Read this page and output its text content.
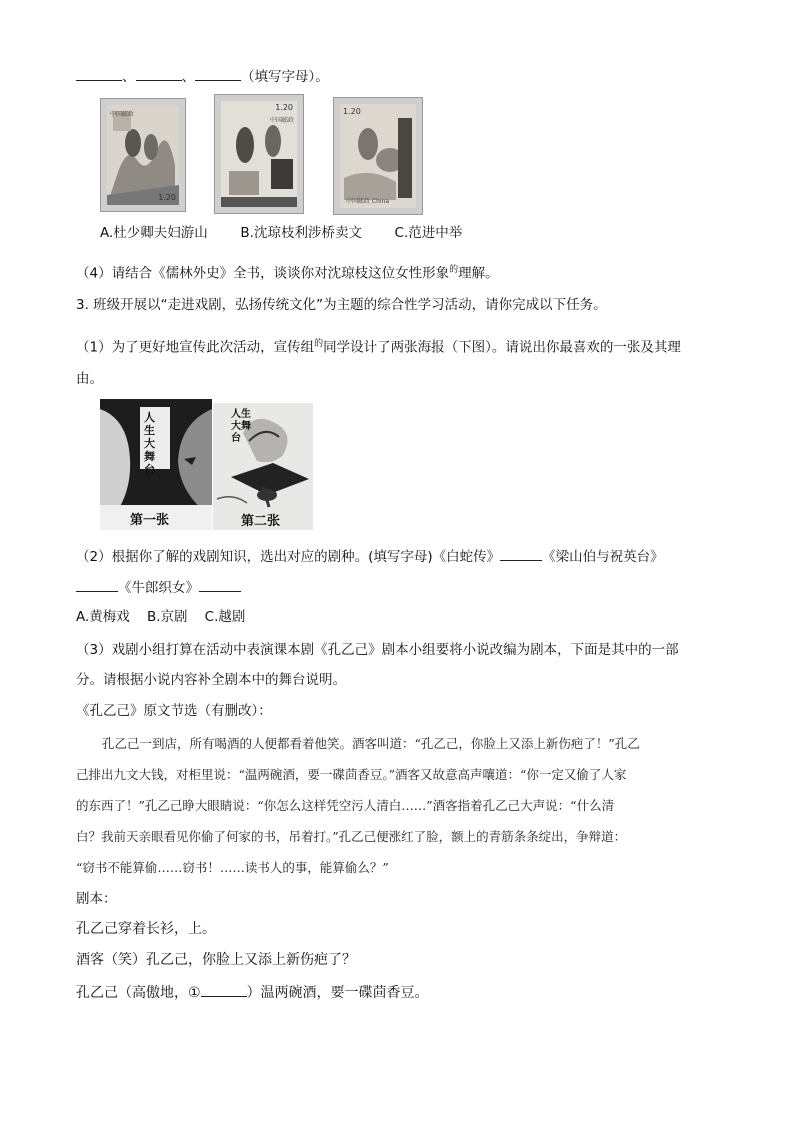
、	、	（填写字母）。
中国邮政
1.20
1.20
中国邮政
中国邮政 China
1.20
A.杜少卿夫妇游山 B.沈琼枝利涉桥卖文 C.范进中举
（4）请结合《儒林外史》全书，谈谈你对沈琼枝这位女性形象$^的$理解。
3. 班级开展以“走进戏剧，弘扬传统文化”为主题的综合性学习活动，请你完成以下任务。
（1）为了更好地宣传此次活动，宣传组$^的$同学设计了两张海报（下图）。请说出你最喜欢的一张及其理
由。
人生大舞台
第一张
人生大舞台
第二张
（2）根据你了解的戏剧知识，选出对应的剧种。(填写字母)《白蛇传》	《梁山伯与祝英台》
《牛郎织女》
A.黄梅戏    B.京剧    C.越剧
（3）戏剧小组打算在活动中表演课本剧《孔乙己》剧本小组要将小说改编为剧本，下面是其中的一部
分。请根据小说内容补全剧本中的舞台说明。
《孔乙己》原文节选（有删改）：
孔乙己一到店，所有喝酒的人便都看着他笑。酒客叫道：“孔乙己，你脸上又添上新伤疤了！”孔乙
己排出九文大钱，对柜里说：“温两碗酒，要一碟茴香豆。”酒客又故意高声嚷道：“你一定又偷了人家
的东西了！”孔乙己睁大眼睛说：“你怎么这样凭空污人清白……”酒客指着孔乙己大声说：“什么清
白？我前天亲眼看见你偷了何家的书，吊着打。”孔乙己便涨红了脸，额上的青筋条条绽出，争辩道：
“窃书不能算偷……窃书！……读书人的事，能算偷么？”
剧本：
孔乙己穿着长衫，上。
酒客（笑）孔乙己，你脸上又添上新伤疤了？
孔乙己（高傲地，①	）温两碗酒，要一碟茴香豆。
